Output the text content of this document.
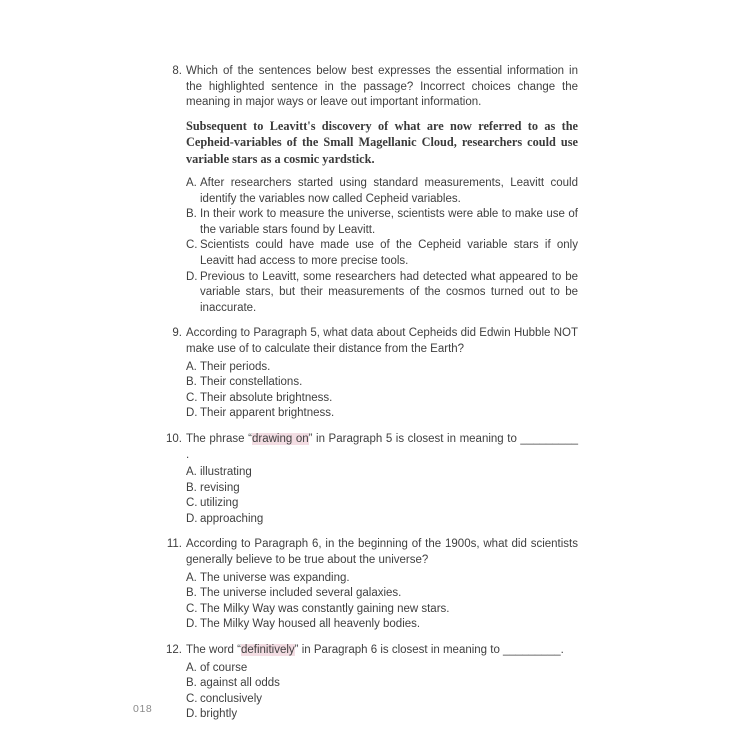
8. Which of the sentences below best expresses the essential information in the highlighted sentence in the passage? Incorrect choices change the meaning in major ways or leave out important information.

Subsequent to Leavitt's discovery of what are now referred to as the Cepheid-variables of the Small Magellanic Cloud, researchers could use variable stars as a cosmic yardstick.

A. After researchers started using standard measurements, Leavitt could identify the variables now called Cepheid variables.
B. In their work to measure the universe, scientists were able to make use of the variable stars found by Leavitt.
C. Scientists could have made use of the Cepheid variable stars if only Leavitt had access to more precise tools.
D. Previous to Leavitt, some researchers had detected what appeared to be variable stars, but their measurements of the cosmos turned out to be inaccurate.
9. According to Paragraph 5, what data about Cepheids did Edwin Hubble NOT make use of to calculate their distance from the Earth?
A. Their periods.
B. Their constellations.
C. Their absolute brightness.
D. Their apparent brightness.
10. The phrase “drawing on” in Paragraph 5 is closest in meaning to _________ .
A. illustrating
B. revising
C. utilizing
D. approaching
11. According to Paragraph 6, in the beginning of the 1900s, what did scientists generally believe to be true about the universe?
A. The universe was expanding.
B. The universe included several galaxies.
C. The Milky Way was constantly gaining new stars.
D. The Milky Way housed all heavenly bodies.
12. The word “definitively” in Paragraph 6 is closest in meaning to _________.
A. of course
B. against all odds
C. conclusively
D. brightly
018
